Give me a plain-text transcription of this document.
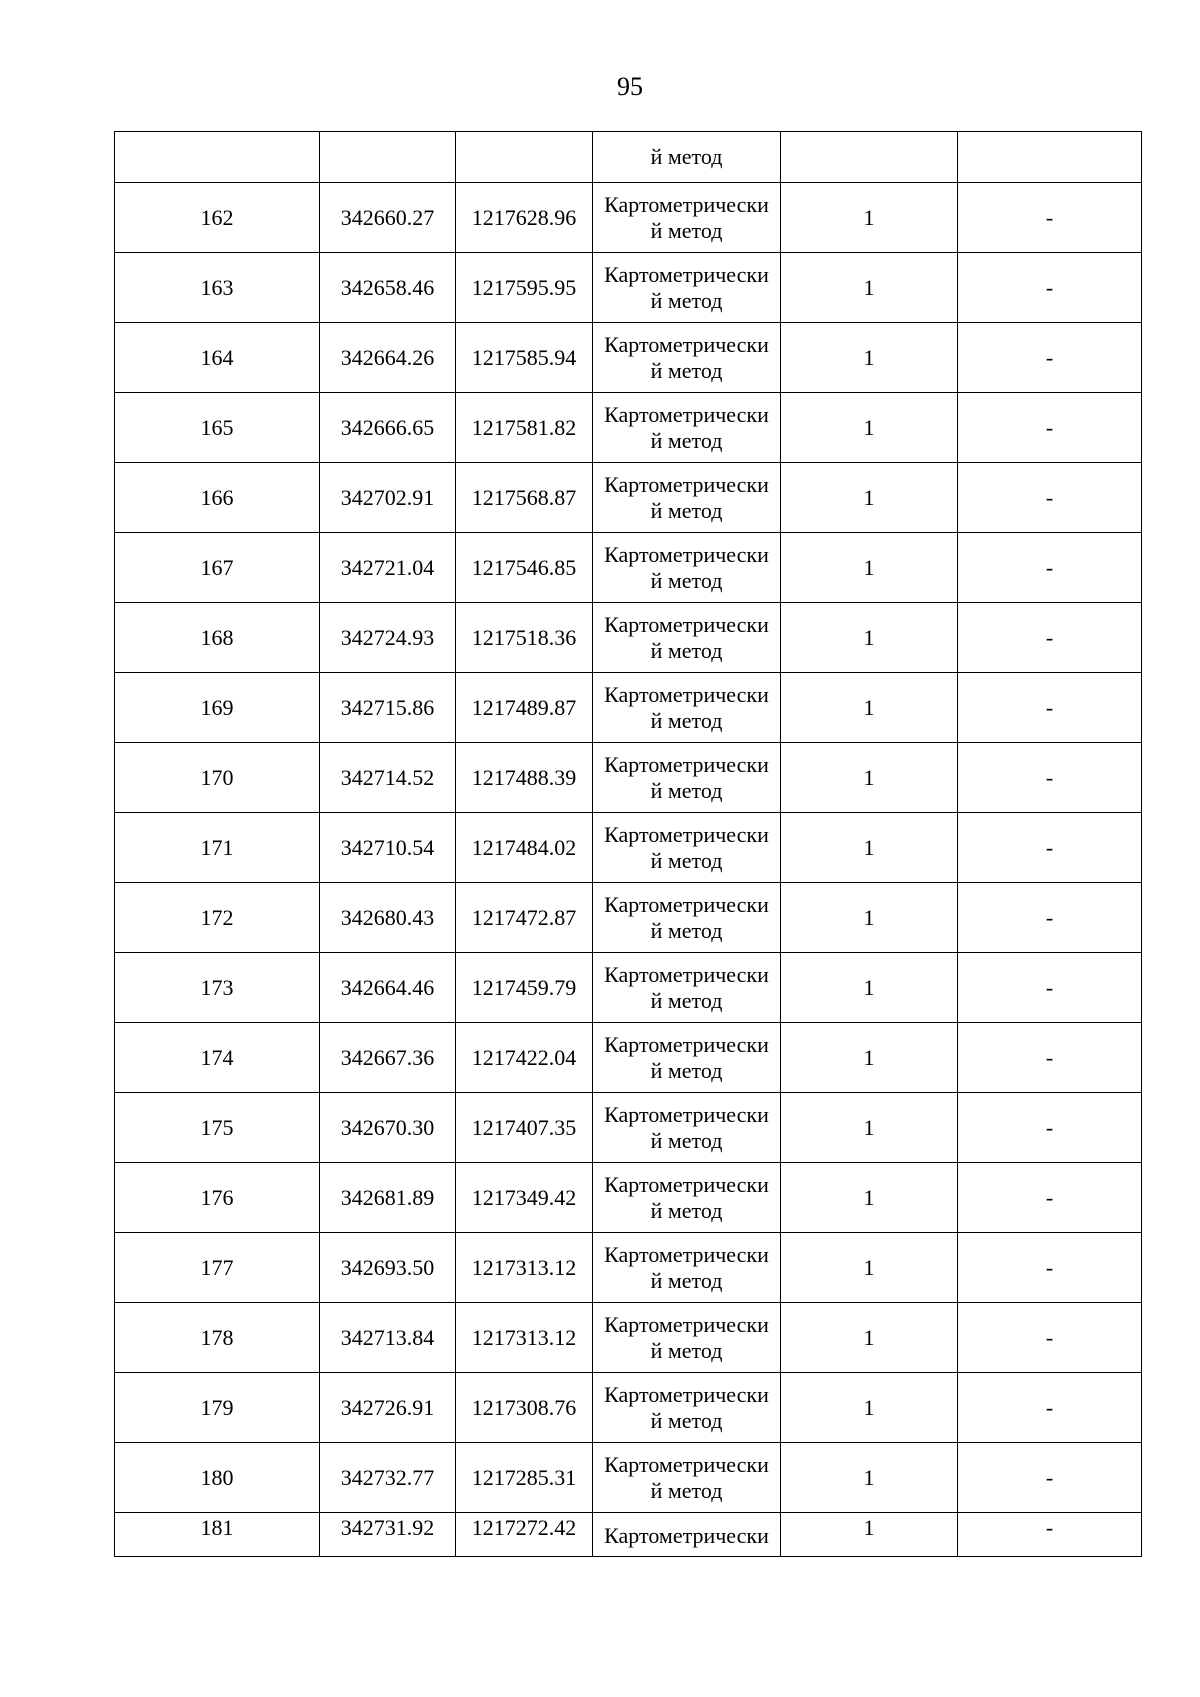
95
			й метод		
162	342660.27	1217628.96	Картометрически
й метод	1	-
163	342658.46	1217595.95	Картометрически
й метод	1	-
164	342664.26	1217585.94	Картометрически
й метод	1	-
165	342666.65	1217581.82	Картометрически
й метод	1	-
166	342702.91	1217568.87	Картометрически
й метод	1	-
167	342721.04	1217546.85	Картометрически
й метод	1	-
168	342724.93	1217518.36	Картометрически
й метод	1	-
169	342715.86	1217489.87	Картометрически
й метод	1	-
170	342714.52	1217488.39	Картометрически
й метод	1	-
171	342710.54	1217484.02	Картометрически
й метод	1	-
172	342680.43	1217472.87	Картометрически
й метод	1	-
173	342664.46	1217459.79	Картометрически
й метод	1	-
174	342667.36	1217422.04	Картометрически
й метод	1	-
175	342670.30	1217407.35	Картометрически
й метод	1	-
176	342681.89	1217349.42	Картометрически
й метод	1	-
177	342693.50	1217313.12	Картометрически
й метод	1	-
178	342713.84	1217313.12	Картометрически
й метод	1	-
179	342726.91	1217308.76	Картометрически
й метод	1	-
180	342732.77	1217285.31	Картометрически
й метод	1	-
181	342731.92	1217272.42	Картометрически	1	-
